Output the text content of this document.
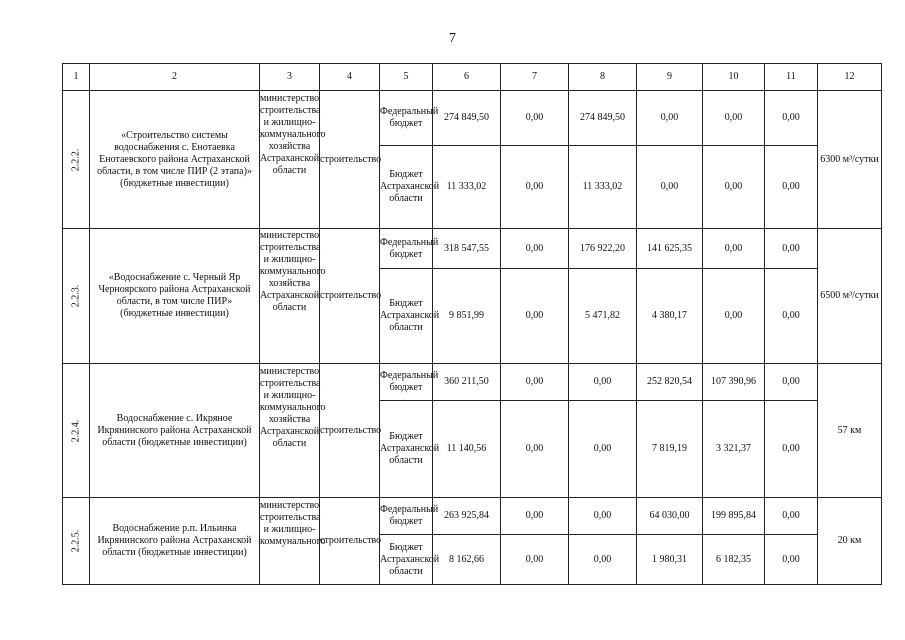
7
1	2	3	4	5	6	7	8	9	10	11	12
2.2.2.	«Строительство системы водоснабжения с. Енотаевка Енотаевского района Астраханской области, в том числе ПИР (2 этапа)» (бюджетные инвестиции)	министерство строительства и жилищно-коммунального хозяйства Астраханской области	строительство	Федеральный бюджет	274 849,50	0,00	274 849,50	0,00	0,00	0,00	6300 м³/сутки
				Бюджет Астраханской области	11 333,02	0,00	11 333,02	0,00	0,00	0,00	
2.2.3.	«Водоснабжение с. Черный Яр Черноярского района Астраханской области, в том числе ПИР» (бюджетные инвестиции)	министерство строительства и жилищно-коммунального хозяйства Астраханской области	строительство	Федеральный бюджет	318 547,55	0,00	176 922,20	141 625,35	0,00	0,00	6500 м³/сутки
				Бюджет Астраханской области	9 851,99	0,00	5 471,82	4 380,17	0,00	0,00	
2.2.4.	Водоснабжение с. Икряное Икрянинского района Астраханской области (бюджетные инвестиции)	министерство строительства и жилищно-коммунального хозяйства Астраханской области	строительство	Федеральный бюджет	360 211,50	0,00	0,00	252 820,54	107 390,96	0,00	57 км
				Бюджет Астраханской области	11 140,56	0,00	0,00	7 819,19	3 321,37	0,00	
2.2.5.	Водоснабжение р.п. Ильинка Икрянинского района Астраханской области (бюджетные инвестиции)	министерство строительства и жилищно-коммунального	строительство	Федеральный бюджет	263 925,84	0,00	0,00	64 030,00	199 895,84	0,00	20 км
				Бюджет Астраханской области	8 162,66	0,00	0,00	1 980,31	6 182,35	0,00	
